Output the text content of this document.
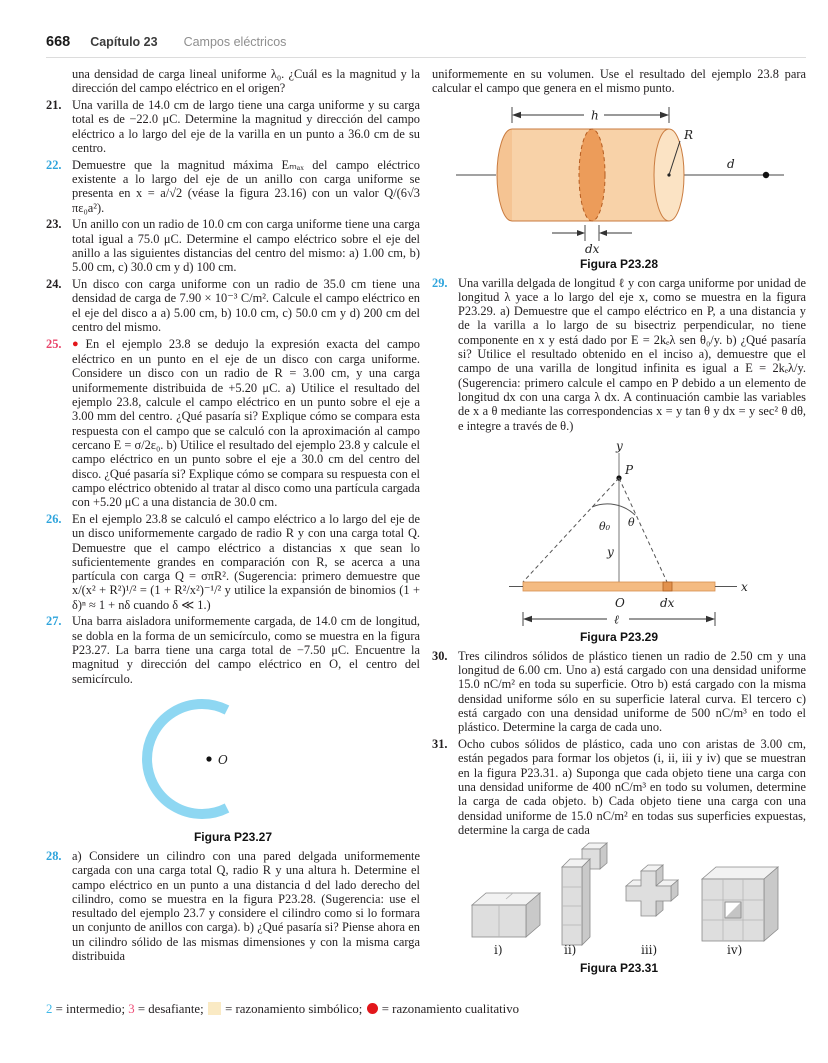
668 Capítulo 23 Campos eléctricos
una densidad de carga lineal uniforme λ₀. ¿Cuál es la magnitud y la dirección del campo eléctrico en el origen?
21. Una varilla de 14.0 cm de largo tiene una carga uniforme y su carga total es de −22.0 μC. Determine la magnitud y dirección del campo eléctrico a lo largo del eje de la varilla en un punto a 36.0 cm de su centro.
22. Demuestre que la magnitud máxima Eₘₐₓ del campo eléctrico existente a lo largo del eje de un anillo con carga uniforme se presenta en x = a/√2 (véase la figura 23.16) con un valor Q/(6√3 πε₀a²).
23. Un anillo con un radio de 10.0 cm con carga uniforme tiene una carga total igual a 75.0 μC. Determine el campo eléctrico sobre el eje del anillo a las siguientes distancias del centro del mismo: a) 1.00 cm, b) 5.00 cm, c) 30.0 cm y d) 100 cm.
24. Un disco con carga uniforme con un radio de 35.0 cm tiene una densidad de carga de 7.90 × 10⁻³ C/m². Calcule el campo eléctrico en el eje del disco a a) 5.00 cm, b) 10.0 cm, c) 50.0 cm y d) 200 cm del centro del mismo.
25. ● En el ejemplo 23.8 se dedujo la expresión exacta del campo eléctrico en un punto en el eje de un disco con carga uniforme. Considere un disco con un radio de R = 3.00 cm, y una carga uniformemente distribuida de +5.20 μC. a) Utilice el resultado del ejemplo 23.8, calcule el campo eléctrico en un punto sobre el eje a 3.00 mm del centro. ¿Qué pasaría si? Explique cómo se compara esta respuesta con el campo que se calculó con la aproximación al campo cercano E = σ/2ε₀. b) Utilice el resultado del ejemplo 23.8 y calcule el campo eléctrico en un punto sobre el eje a 30.0 cm del centro del disco. ¿Qué pasaría si? Explique cómo se compara su respuesta con el campo eléctrico obtenido al tratar al disco como una partícula cargada con +5.20 μC a una distancia de 30.0 cm.
26. En el ejemplo 23.8 se calculó el campo eléctrico a lo largo del eje de un disco uniformemente cargado de radio R y con una carga total Q. Demuestre que el campo eléctrico a distancias x que sean lo suficientemente grandes en comparación con R, se acerca a una partícula con carga Q = σπR². (Sugerencia: primero demuestre que x/(x² + R²)¹/² = (1 + R²/x²)⁻¹/² y utilice la expansión de binomios (1 + δ)ⁿ ≈ 1 + nδ cuando δ ≪ 1.)
27. Una barra aisladora uniformemente cargada, de 14.0 cm de longitud, se dobla en la forma de un semicírculo, como se muestra en la figura P23.27. La barra tiene una carga total de −7.50 μC. Encuentre la magnitud y dirección del campo eléctrico en O, el centro del semicírculo.
O
Figura P23.27
28. a) Considere un cilindro con una pared delgada uniformemente cargada con una carga total Q, radio R y una altura h. Determine el campo eléctrico en un punto a una distancia d del lado derecho del cilindro, como se muestra en la figura P23.28. (Sugerencia: use el resultado del ejemplo 23.7 y considere el cilindro como si lo formara un conjunto de anillos con carga). b) ¿Qué pasaría si? Piense ahora en un cilindro sólido de las mismas dimensiones y con la misma carga distribuida
uniformemente en su volumen. Use el resultado del ejemplo 23.8 para calcular el campo que genera en el mismo punto.
R
d
h
dx
Figura P23.28
29. Una varilla delgada de longitud ℓ y con carga uniforme por unidad de longitud λ yace a lo largo del eje x, como se muestra en la figura P23.29. a) Demuestre que el campo eléctrico en P, a una distancia y de la varilla a lo largo de su bisectriz perpendicular, no tiene componente en x y está dado por E = 2kₑλ sen θ₀/y. b) ¿Qué pasaría si? Utilice el resultado obtenido en el inciso a), demuestre que el campo de una varilla de longitud infinita es igual a E = 2kₑλ/y. (Sugerencia: primero calcule el campo en P debido a un elemento de longitud dx con una carga λ dx. A continuación cambie las variables de x a θ mediante las correspondencias x = y tan θ y dx = y sec² θ dθ, e integre a través de θ.)
y
P
θ₀ θ
y
x
O	dx
ℓ
Figura P23.29
30. Tres cilindros sólidos de plástico tienen un radio de 2.50 cm y una longitud de 6.00 cm. Uno a) está cargado con una densidad uniforme 15.0 nC/m² en toda su superficie. Otro b) está cargado con la misma densidad uniforme sólo en su superficie lateral curva. El tercero c) está cargado con una densidad uniforme de 500 nC/m³ en todo el plástico. Determine la carga de cada uno.
31. Ocho cubos sólidos de plástico, cada uno con aristas de 3.00 cm, están pegados para formar los objetos (i, ii, iii y iv) que se muestran en la figura P23.31. a) Suponga que cada objeto tiene una carga con una densidad uniforme de 400 nC/m³ en todo su volumen, determine la carga de cada objeto. b) Cada objeto tiene una carga con una densidad uniforme de 15.0 nC/m² en todas sus superficies expuestas, determine la carga de cada
i)	ii)	iii)	iv)
Figura P23.31
2 = intermedio; 3 = desafiante;  = razonamiento simbólico;  = razonamiento cualitativo
